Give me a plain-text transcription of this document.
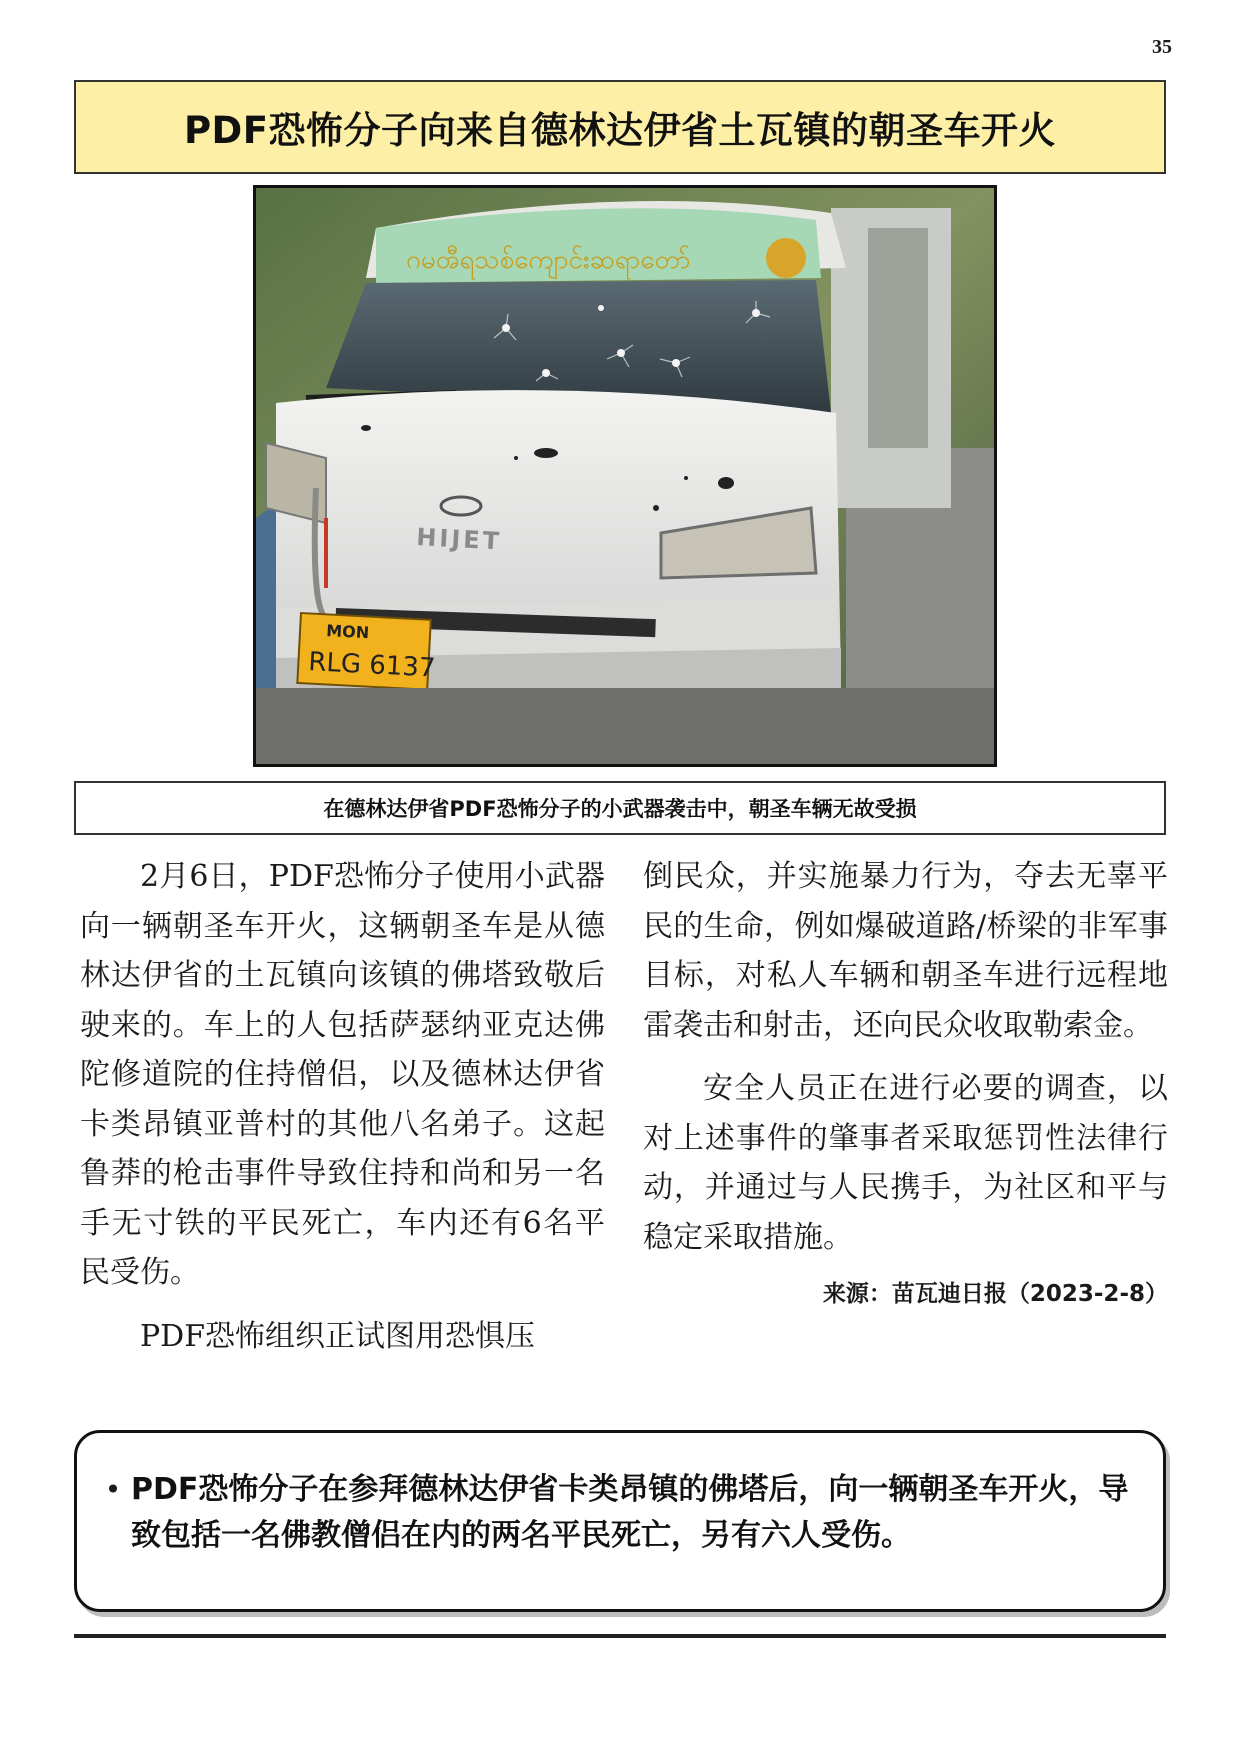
35
PDF恐怖分子向来自德林达伊省土瓦镇的朝圣车开火
ဂမၻီရသစ်ကျောင်းဆရာတော်
HIJET
MON
RLG 6137
在德林达伊省PDF恐怖分子的小武器袭击中，朝圣车辆无故受损

2月6日，PDF恐怖分子使用小武器向一辆朝圣车开火，这辆朝圣车是从德林达伊省的土瓦镇向该镇的佛塔致敬后驶来的。车上的人包括萨瑟纳亚克达佛陀修道院的住持僧侣，以及德林达伊省卡类昂镇亚普村的其他八名弟子。这起鲁莽的枪击事件导致住持和尚和另一名手无寸铁的平民死亡，车内还有6名平民受伤。

PDF恐怖组织正试图用恐惧压

倒民众，并实施暴力行为，夺去无辜平民的生命，例如爆破道路/桥梁的非军事目标，对私人车辆和朝圣车进行远程地雷袭击和射击，还向民众收取勒索金。

安全人员正在进行必要的调查，以对上述事件的肇事者采取惩罚性法律行动，并通过与人民携手，为社区和平与稳定采取措施。

来源：苗瓦迪日报（2023-2-8）
• PDF恐怖分子在参拜德林达伊省卡类昂镇的佛塔后，向一辆朝圣车开火，导致包括一名佛教僧侣在内的两名平民死亡，另有六人受伤。
